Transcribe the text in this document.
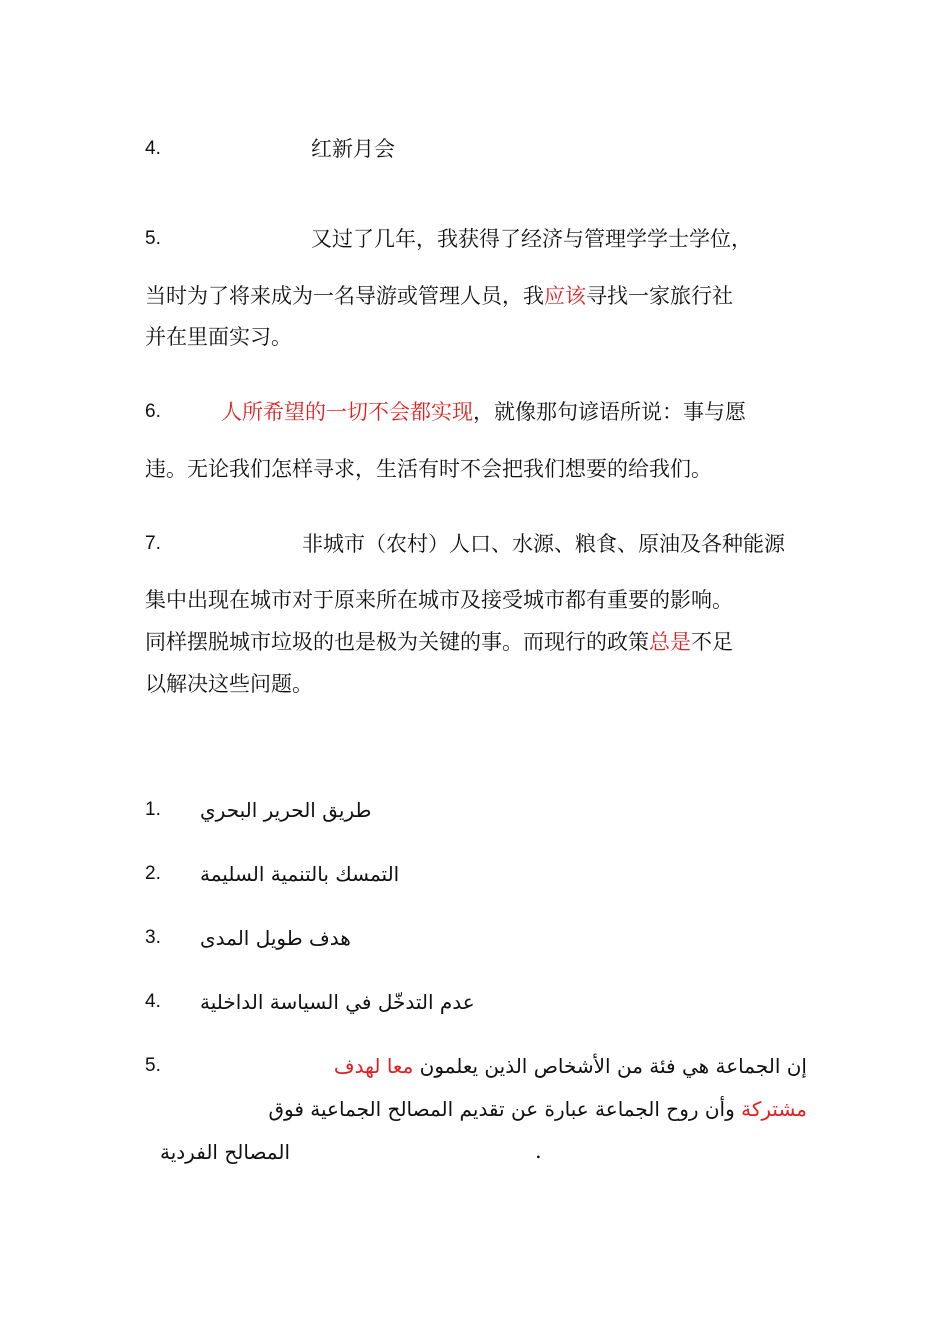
4.	红新月会
5.	又过了几年，我获得了经济与管理学学士学位，
当时为了将来成为一名导游或管理人员，我应该寻找一家旅行社
并在里面实习。
6.	人所希望的一切不会都实现，就像那句谚语所说：事与愿
违。无论我们怎样寻求，生活有时不会把我们想要的给我们。
7.	非城市（农村）人口、水源、粮食、原油及各种能源
集中出现在城市对于原来所在城市及接受城市都有重要的影响。
同样摆脱城市垃圾的也是极为关键的事。而现行的政策总是不足
以解决这些问题。
1. طريق الحرير البحري
2. التمسك بالتنمية السليمة
3. هدف طويل المدى
4. عدم التدخّل في السياسة الداخلية
5.	إن الجماعة هي فئة من الأشخاص الذين يعلمون معا لهدف
مشتركة وأن روح الجماعة عبارة عن تقديم المصالح الجماعية فوق
المصالح الفردية	.
